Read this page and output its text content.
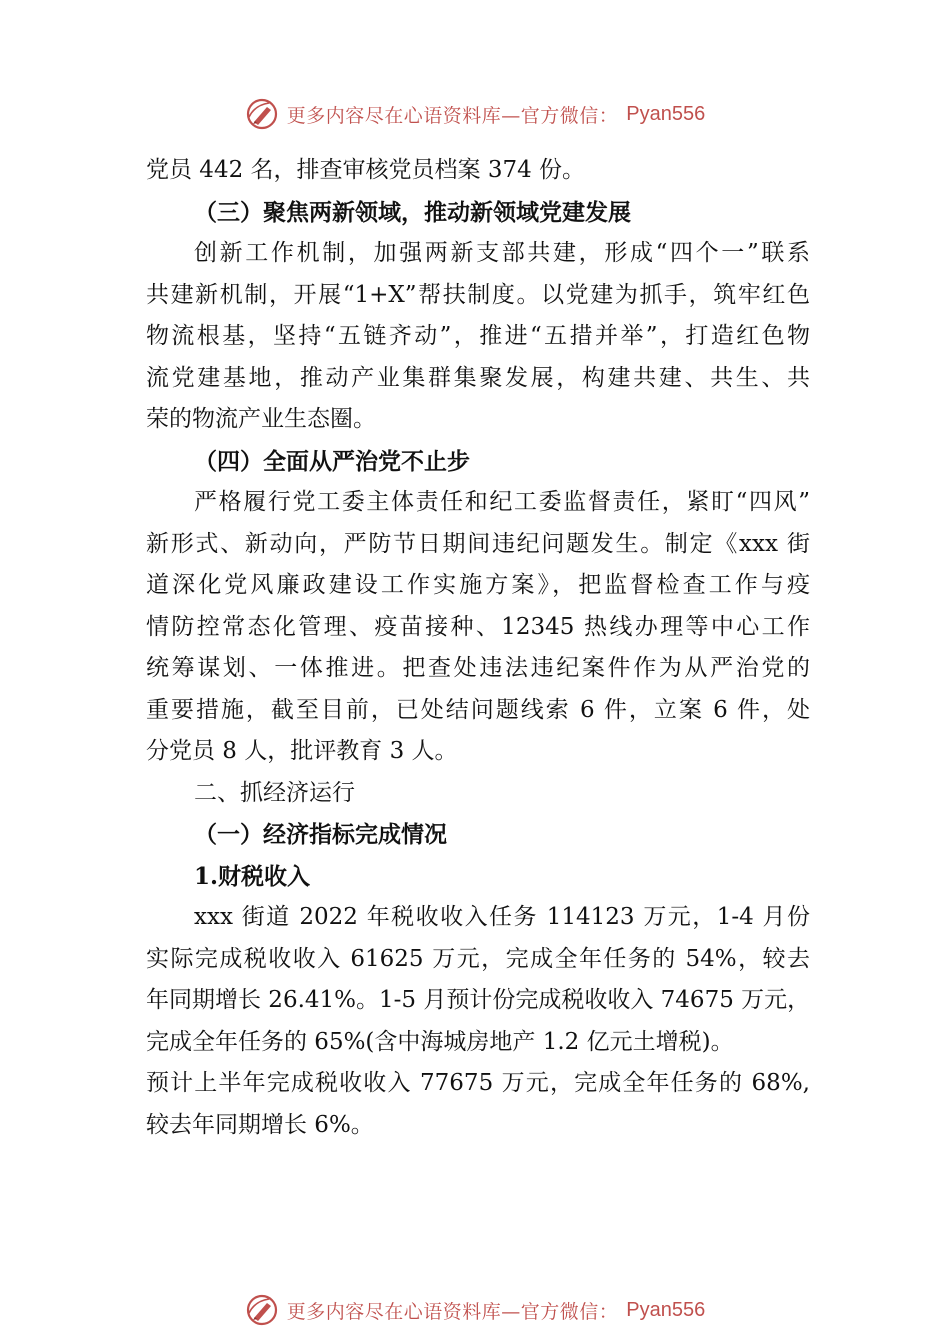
更多内容尽在心语资料库—官方微信： Pyan556
党员 442 名，排查审核党员档案 374 份。
（三）聚焦两新领域，推动新领域党建发展
创新工作机制，加强两新支部共建，形成“四个一”联系
共建新机制，开展“1+X”帮扶制度。以党建为抓手，筑牢红色
物流根基，坚持“五链齐动”，推进“五措并举”，打造红色物
流党建基地，推动产业集群集聚发展，构建共建、共生、共
荣的物流产业生态圈。
（四）全面从严治党不止步
严格履行党工委主体责任和纪工委监督责任，紧盯“四风”
新形式、新动向，严防节日期间违纪问题发生。制定《xxx 街
道深化党风廉政建设工作实施方案》，把监督检查工作与疫
情防控常态化管理、疫苗接种、12345 热线办理等中心工作
统筹谋划、一体推进。把查处违法违纪案件作为从严治党的
重要措施，截至目前，已处结问题线索 6 件，立案 6 件，处
分党员 8 人，批评教育 3 人。
二、抓经济运行
（一）经济指标完成情况
1.财税收入
xxx 街道 2022 年税收收入任务 114123 万元，1-4 月份
实际完成税收收入 61625 万元，完成全年任务的 54%，较去
年同期增长 26.41%。1-5 月预计份完成税收收入 74675 万元，
完成全年任务的 65%(含中海城房地产 1.2 亿元土增税)。
预计上半年完成税收收入 77675 万元，完成全年任务的 68%,
较去年同期增长 6%。
更多内容尽在心语资料库—官方微信： Pyan556
